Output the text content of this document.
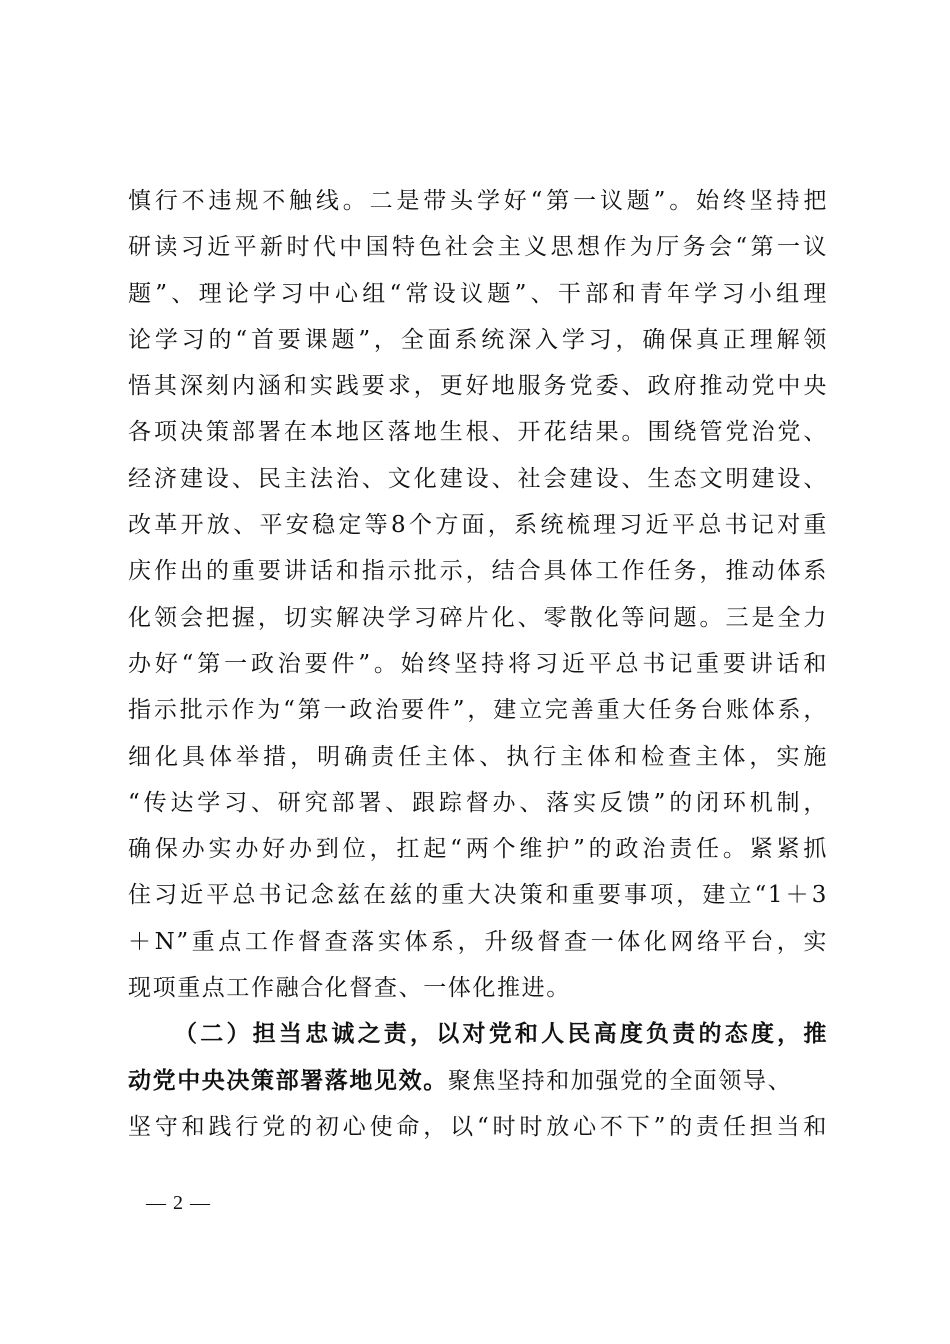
慎行不违规不触线。二是带头学好“第一议题”。始终坚持把
研读习近平新时代中国特色社会主义思想作为厅务会“第一议
题”、理论学习中心组“常设议题”、干部和青年学习小组理
论学习的“首要课题”，全面系统深入学习，确保真正理解领
悟其深刻内涵和实践要求，更好地服务党委、政府推动党中央
各项决策部署在本地区落地生根、开花结果。围绕管党治党、
经济建设、民主法治、文化建设、社会建设、生态文明建设、
改革开放、平安稳定等8个方面，系统梳理习近平总书记对重
庆作出的重要讲话和指示批示，结合具体工作任务，推动体系
化领会把握，切实解决学习碎片化、零散化等问题。三是全力
办好“第一政治要件”。始终坚持将习近平总书记重要讲话和
指示批示作为“第一政治要件”，建立完善重大任务台账体系，
细化具体举措，明确责任主体、执行主体和检查主体，实施
“传达学习、研究部署、跟踪督办、落实反馈”的闭环机制，
确保办实办好办到位，扛起“两个维护”的政治责任。紧紧抓
住习近平总书记念兹在兹的重大决策和重要事项，建立“1＋3
＋N”重点工作督查落实体系，升级督查一体化网络平台，实
现项重点工作融合化督查、一体化推进。
（二）担当忠诚之责，以对党和人民高度负责的态度，推
动党中央决策部署落地见效。聚焦坚持和加强党的全面领导、
坚守和践行党的初心使命，以“时时放心不下”的责任担当和
— 2 —
